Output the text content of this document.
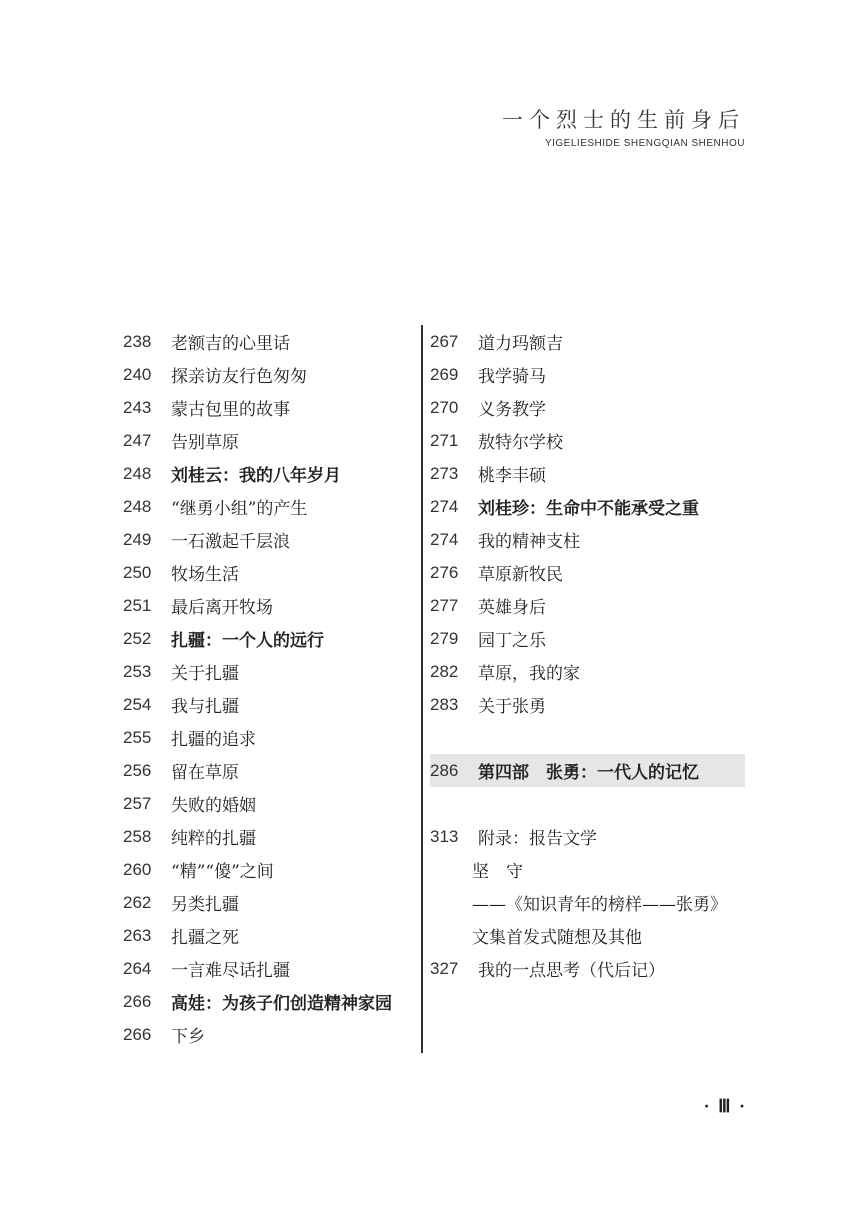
一个烈士的生前身后
YIGELIESHIDE SHENGQIAN SHENHOU
238	老额吉的心里话
240	探亲访友行色匆匆
243	蒙古包里的故事
247	告别草原
248	刘桂云：我的八年岁月
248	“继勇小组”的产生
249	一石激起千层浪
250	牧场生活
251	最后离开牧场
252	扎疆：一个人的远行
253	关于扎疆
254	我与扎疆
255	扎疆的追求
256	留在草原
257	失败的婚姻
258	纯粹的扎疆
260	“精”“傻”之间
262	另类扎疆
263	扎疆之死
264	一言难尽话扎疆
266	高娃：为孩子们创造精神家园
266	下乡
267	道力玛额吉
269	我学骑马
270	义务教学
271	敖特尔学校
273	桃李丰硕
274	刘桂珍：生命中不能承受之重
274	我的精神支柱
276	草原新牧民
277	英雄身后
279	园丁之乐
282	草原，我的家
283	关于张勇
286	第四部　张勇：一代人的记忆
313	附录：报告文学
坚　守
——《知识青年的榜样——张勇》
文集首发式随想及其他
327	我的一点思考（代后记）
· Ⅲ ·
